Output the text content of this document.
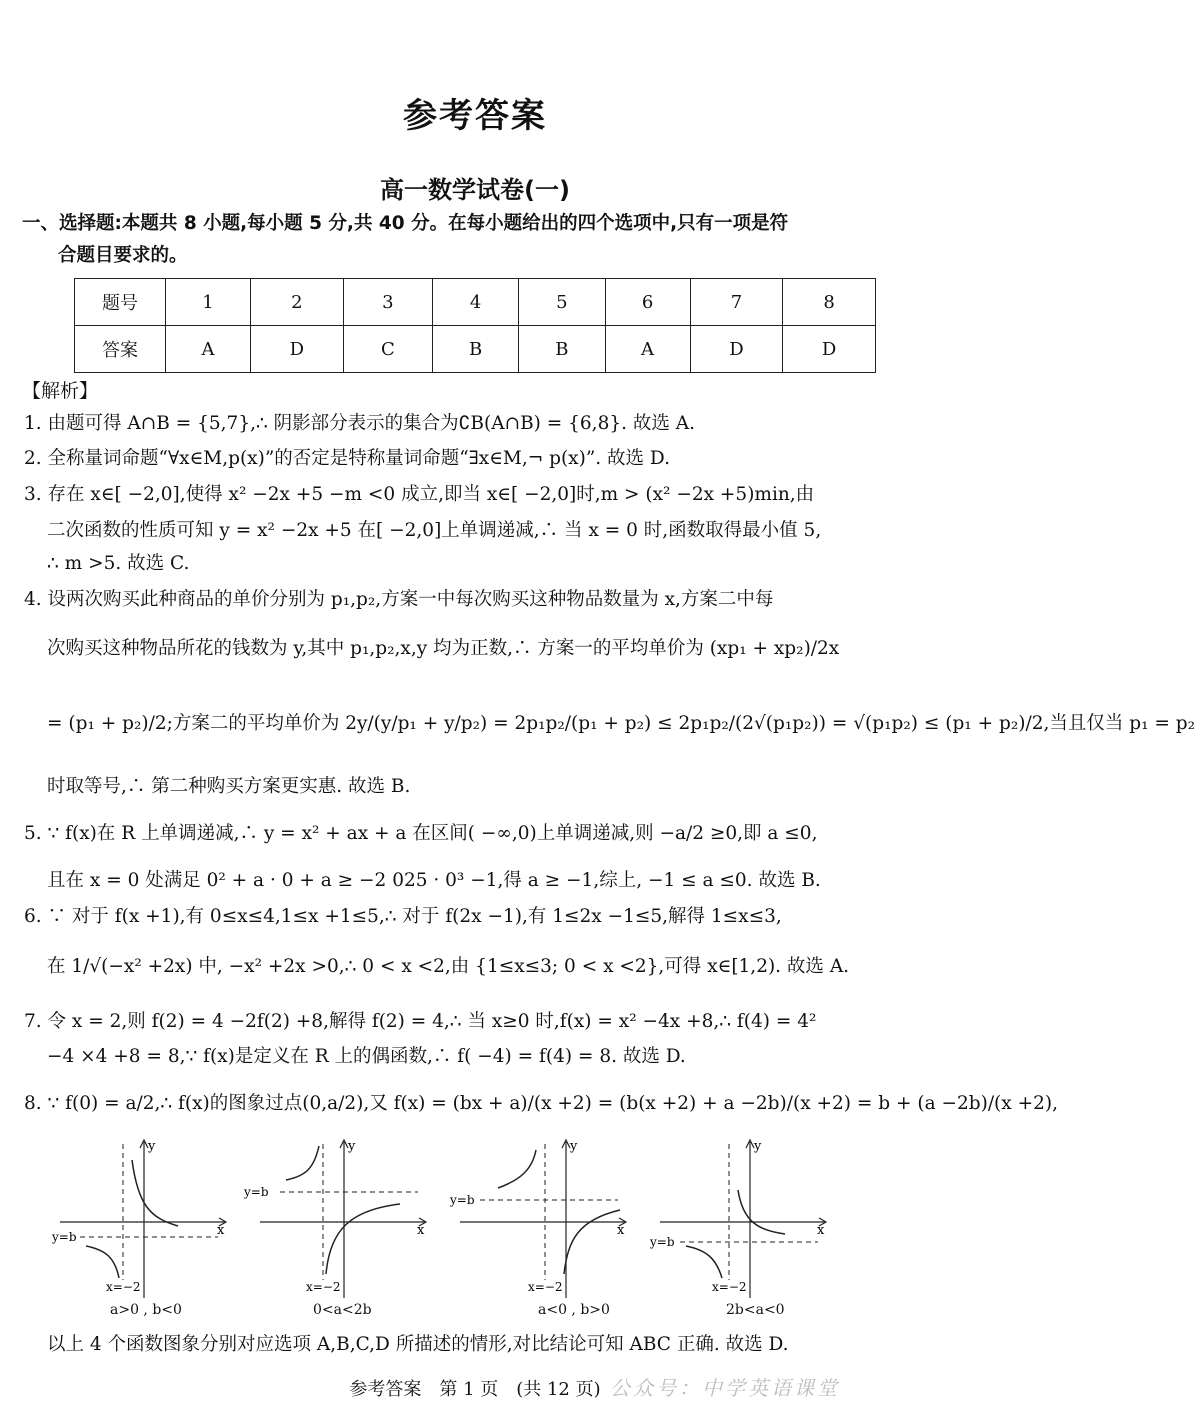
参考答案
高一数学试卷(一)
一、选择题:本题共 8 小题,每小题 5 分,共 40 分。在每小题给出的四个选项中,只有一项是符
合题目要求的。
题号	1	2	3	4	5	6	7	8
答案	A	D	C	B	B	A	D	D
【解析】
1. 由题可得 A∩B = {5,7},∴ 阴影部分表示的集合为∁B(A∩B) = {6,8}. 故选 A.
2. 全称量词命题“∀x∈M,p(x)”的否定是特称量词命题“∃x∈M,¬ p(x)”. 故选 D.
3. 存在 x∈[ −2,0],使得 x² −2x +5 −m <0 成立,即当 x∈[ −2,0]时,m > (x² −2x +5)min,由
二次函数的性质可知 y = x² −2x +5 在[ −2,0]上单调递减,∴ 当 x = 0 时,函数取得最小值 5,
∴ m >5. 故选 C.
4. 设两次购买此种商品的单价分别为 p₁,p₂,方案一中每次购买这种物品数量为 x,方案二中每
次购买这种物品所花的钱数为 y,其中 p₁,p₂,x,y 均为正数,∴ 方案一的平均单价为 (xp₁ + xp₂)/2x
= (p₁ + p₂)/2;方案二的平均单价为 2y/(y/p₁ + y/p₂) = 2p₁p₂/(p₁ + p₂) ≤ 2p₁p₂/(2√(p₁p₂)) = √(p₁p₂) ≤ (p₁ + p₂)/2,当且仅当 p₁ = p₂
时取等号,∴ 第二种购买方案更实惠. 故选 B.
5. ∵ f(x)在 R 上单调递减,∴ y = x² + ax + a 在区间( −∞,0)上单调递减,则 −a/2 ≥0,即 a ≤0,
且在 x = 0 处满足 0² + a · 0 + a ≥ −2 025 · 0³ −1,得 a ≥ −1,综上, −1 ≤ a ≤0. 故选 B.
6. ∵ 对于 f(x +1),有 0≤x≤4,1≤x +1≤5,∴ 对于 f(2x −1),有 1≤2x −1≤5,解得 1≤x≤3,
在 1/√(−x² +2x) 中, −x² +2x >0,∴ 0 < x <2,由 {1≤x≤3; 0 < x <2},可得 x∈[1,2). 故选 A.
7. 令 x = 2,则 f(2) = 4 −2f(2) +8,解得 f(2) = 4,∴ 当 x≥0 时,f(x) = x² −4x +8,∴ f(4) = 4²
−4 ×4 +8 = 8,∵ f(x)是定义在 R 上的偶函数,∴ f( −4) = f(4) = 8. 故选 D.
8. ∵ f(0) = a/2,∴ f(x)的图象过点(0,a/2),又 f(x) = (bx + a)/(x +2) = (b(x +2) + a −2b)/(x +2) = b + (a −2b)/(x +2),
y
x
y=b
x=−2
a>0 , b<0
y
x
y=b
x=−2
0<a<2b
y
x
y=b
x=−2
a<0 , b>0
y
x
y=b
x=−2
2b<a<0
以上 4 个函数图象分别对应选项 A,B,C,D 所描述的情形,对比结论可知 ABC 正确. 故选 D.
参考答案　第 1 页　(共 12 页) 公众号：中学英语课堂
